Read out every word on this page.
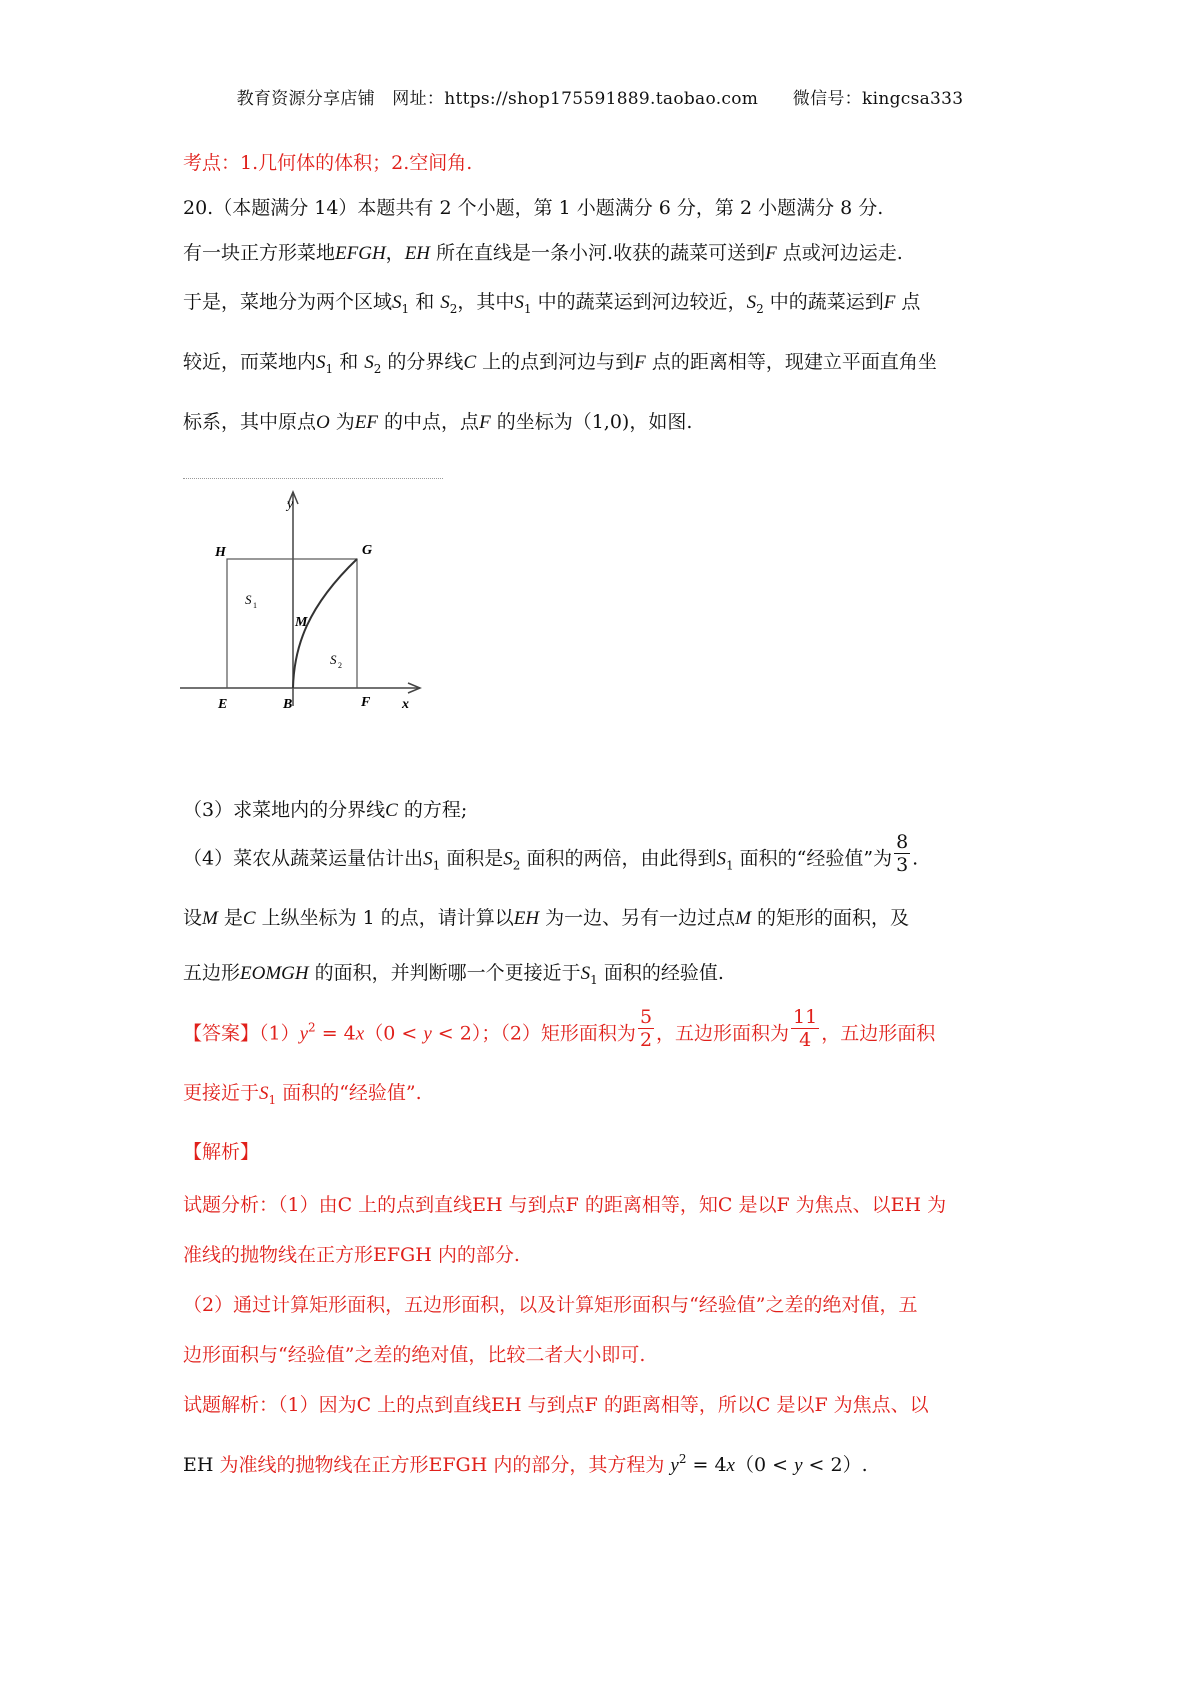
教育资源分享店铺　网址：https://shop175591889.taobao.com　　微信号：kingcsa333
考点：1.几何体的体积；2.空间角.
20.（本题满分 14）本题共有 2 个小题，第 1 小题满分 6 分，第 2 小题满分 8 分.
有一块正方形菜地EFGH，EH 所在直线是一条小河.收获的蔬菜可送到F 点或河边运走.
于是，菜地分为两个区域$S_1$ 和 $S_2$，其中$S_1$ 中的蔬菜运到河边较近，$S_2$ 中的蔬菜运到F 点
较近，而菜地内$S_1$ 和 $S_2$ 的分界线C 上的点到河边与到F 点的距离相等，现建立平面直角坐
标系，其中原点O 为EF 的中点，点F 的坐标为（1,0)，如图.
y
x
H	G
E	B	F
M
S 1
S 2
（3）求菜地内的分界线C 的方程;
（4）菜农从蔬菜运量估计出$S_1$ 面积是$S_2$ 面积的两倍，由此得到$S_1$ 面积的“经验值”为 $\frac{8}{3}$ .
设M 是C 上纵坐标为 1 的点，请计算以EH 为一边、另有一边过点M 的矩形的面积，及
五边形EOMGH 的面积，并判断哪一个更接近于$S_1$ 面积的经验值.
【答案】$(1)y^2 = 4x(0 < y < 2)$；（2）矩形面积为 $\frac{5}{2}$ ，五边形面积为 $\frac{11}{4}$ ，五边形面积
更接近于$S_1$ 面积的“经验值”.
【解析】
试题分析：（1）由C 上的点到直线EH 与到点F 的距离相等，知C 是以F 为焦点、以EH 为
准线的抛物线在正方形EFGH 内的部分.
（2）通过计算矩形面积，五边形面积，以及计算矩形面积与“经验值”之差的绝对值，五
边形面积与“经验值”之差的绝对值，比较二者大小即可.
试题解析：（1）因为C 上的点到直线EH 与到点F 的距离相等，所以C 是以F 为焦点、以
EH 为准线的抛物线在正方形EFGH 内的部分，其方程为 $y^2 = 4x(0 < y < 2)$.
